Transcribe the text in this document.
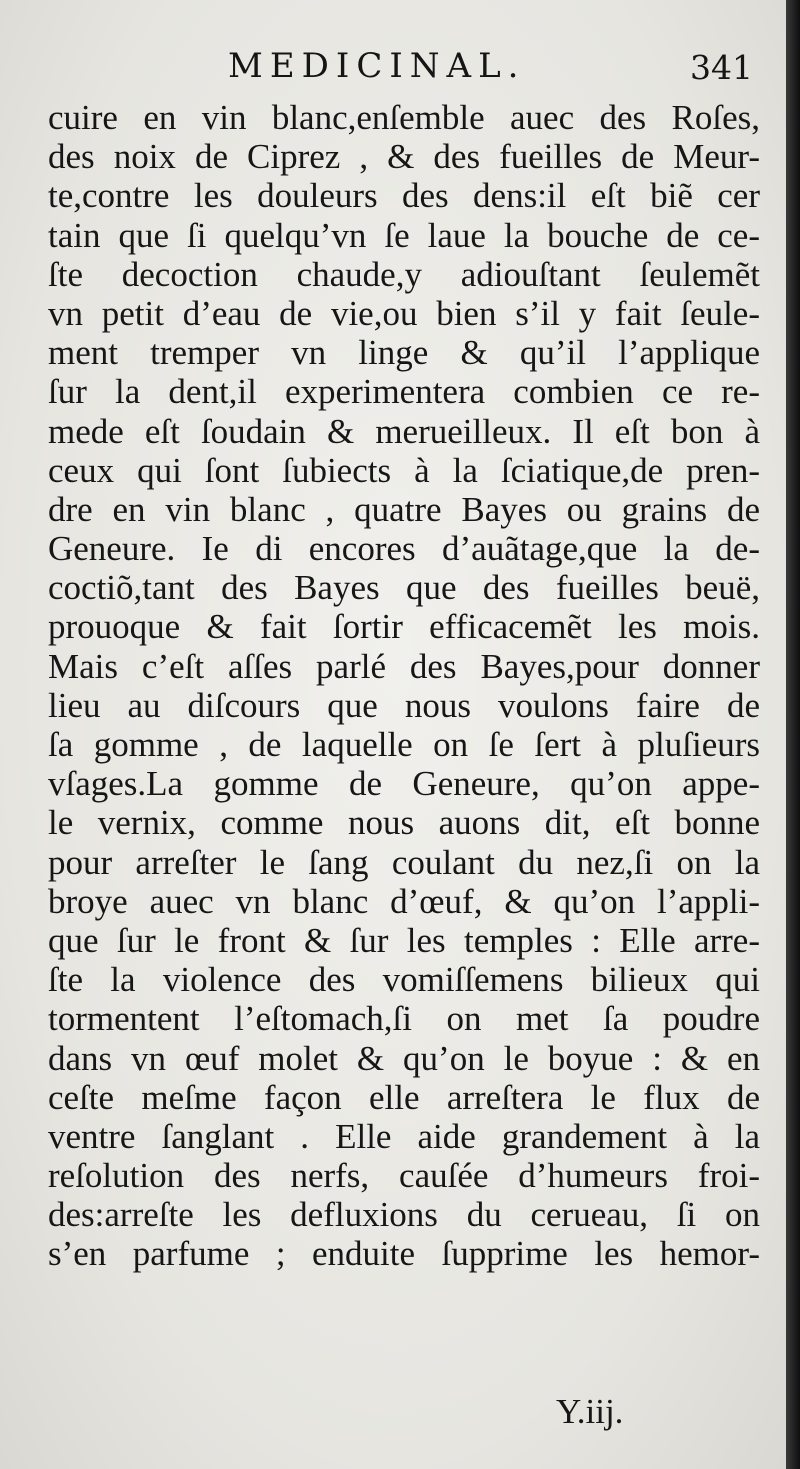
MEDICINAL.	341
cuire en vin blanc,enſemble auec des Roſes,
des noix de Ciprez , & des fueilles de Meur-
te,contre les douleurs des dens:il eſt biẽ cer
tain que ſi quelqu’vn ſe laue la bouche de ce-
ſte decoction chaude,y adiouſtant ſeulemẽt
vn petit d’eau de vie,ou bien s’il y fait ſeule-
ment tremper vn linge & qu’il l’applique
ſur la dent,il experimentera combien ce re-
mede eſt ſoudain & merueilleux. Il eſt bon à
ceux qui ſont ſubiects à la ſciatique,de pren-
dre en vin blanc , quatre Bayes ou grains de
Geneure. Ie di encores d’auãtage,que la de-
coctiõ,tant des Bayes que des fueilles beuë,
prouoque & fait ſortir efficacemẽt les mois.
Mais c’eſt aſſes parlé des Bayes,pour donner
lieu au diſcours que nous voulons faire de
ſa gomme , de laquelle on ſe ſert à pluſieurs
vſages.La gomme de Geneure, qu’on appe-
le vernix, comme nous auons dit, eſt bonne
pour arreſter le ſang coulant du nez,ſi on la
broye auec vn blanc d’œuf, & qu’on l’appli-
que ſur le front & ſur les temples : Elle arre-
ſte la violence des vomiſſemens bilieux qui
tormentent l’eſtomach,ſi on met ſa poudre
dans vn œuf molet & qu’on le boyue : & en
ceſte meſme façon elle arreſtera le flux de
ventre ſanglant . Elle aide grandement à la
reſolution des nerfs, cauſée d’humeurs froi-
des:arreſte les defluxions du cerueau, ſi on
s’en parfume ; enduite ſupprime les hemor-
Y.iij.
